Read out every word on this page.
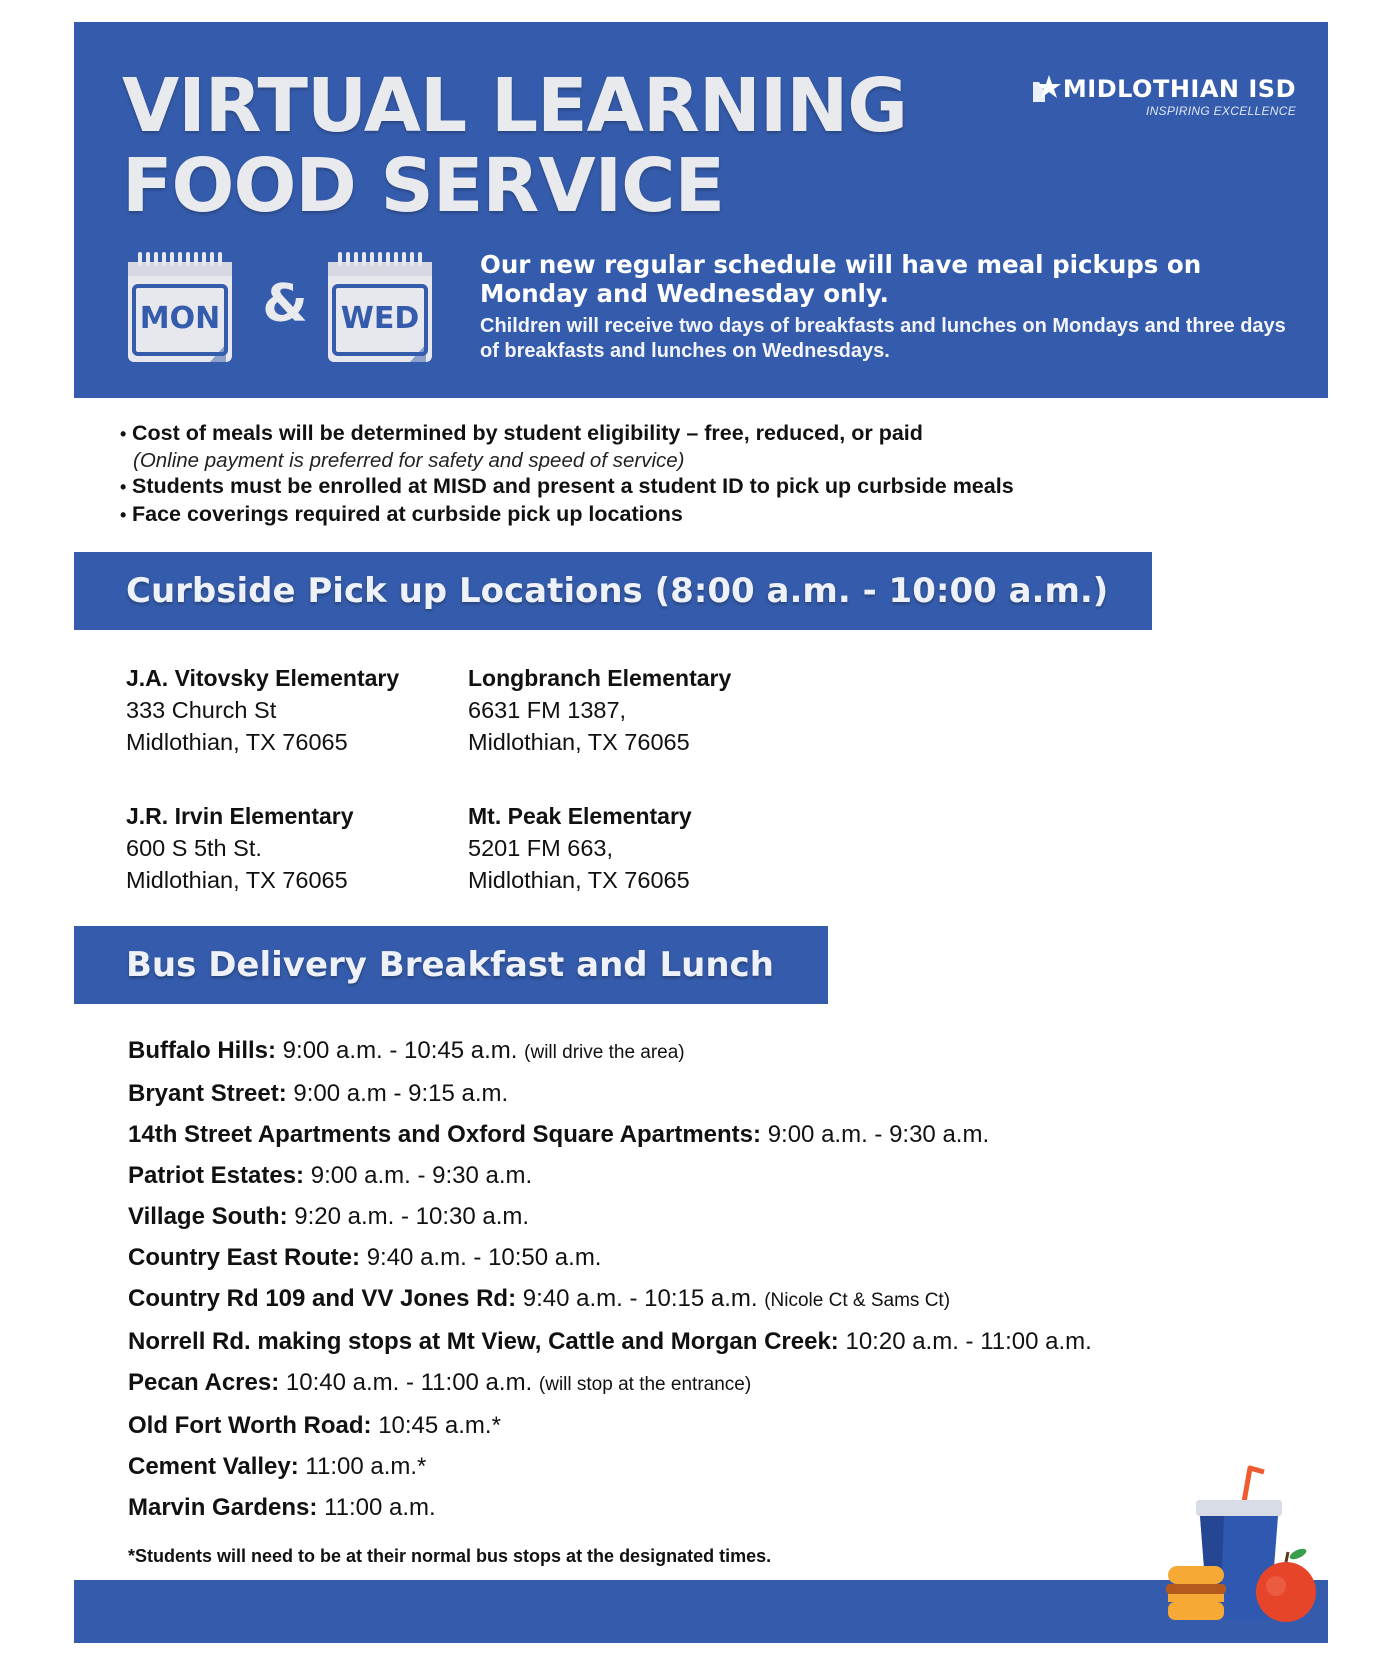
VIRTUAL LEARNING
FOOD SERVICE
MIDLOTHIAN ISD
INSPIRING EXCELLENCE
MON &	WED
Our new regular schedule will have meal pickups on Monday and Wednesday only.
Children will receive two days of breakfasts and lunches on Mondays and three days of breakfasts and lunches on Wednesdays.
• Cost of meals will be determined by student eligibility – free, reduced, or paid
(Online payment is preferred for safety and speed of service)
• Students must be enrolled at MISD and present a student ID to pick up curbside meals
• Face coverings required at curbside pick up locations
Curbside Pick up Locations (8:00 a.m. - 10:00 a.m.)
J.A. Vitovsky Elementary
333 Church St
Midlothian, TX 76065
Longbranch Elementary
6631 FM 1387,
Midlothian, TX 76065
J.R. Irvin Elementary
600 S 5th St.
Midlothian, TX 76065
Mt. Peak Elementary
5201 FM 663,
Midlothian, TX 76065
Bus Delivery Breakfast and Lunch
Buffalo Hills: 9:00 a.m. - 10:45 a.m. (will drive the area)
Bryant Street: 9:00 a.m - 9:15 a.m.
14th Street Apartments and Oxford Square Apartments: 9:00 a.m. - 9:30 a.m.
Patriot Estates: 9:00 a.m. - 9:30 a.m.
Village South: 9:20 a.m. - 10:30 a.m.
Country East Route: 9:40 a.m. - 10:50 a.m.
Country Rd 109 and VV Jones Rd: 9:40 a.m. - 10:15 a.m. (Nicole Ct & Sams Ct)
Norrell Rd. making stops at Mt View, Cattle and Morgan Creek: 10:20 a.m. - 11:00 a.m.
Pecan Acres: 10:40 a.m. - 11:00 a.m. (will stop at the entrance)
Old Fort Worth Road: 10:45 a.m.*
Cement Valley: 11:00 a.m.*
Marvin Gardens: 11:00 a.m.
*Students will need to be at their normal bus stops at the designated times.
